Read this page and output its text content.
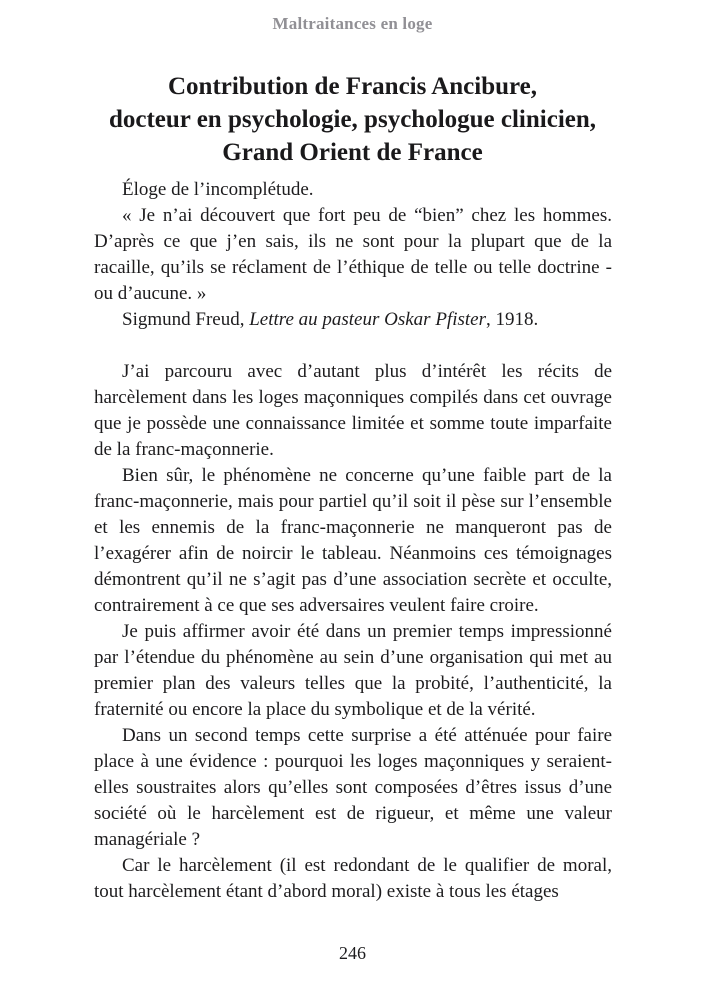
Maltraitances en loge
Contribution de Francis Ancibure,
docteur en psychologie, psychologue clinicien,
Grand Orient de France

Éloge de l’incomplétude.

« Je n’ai découvert que fort peu de “bien” chez les hommes. D’après ce que j’en sais, ils ne sont pour la plupart que de la racaille, qu’ils se réclament de l’éthique de telle ou telle doctrine - ou d’aucune. »

Sigmund Freud, Lettre au pasteur Oskar Pfister, 1918.

J’ai parcouru avec d’autant plus d’intérêt les récits de harcèlement dans les loges maçonniques compilés dans cet ouvrage que je possède une connaissance limitée et somme toute imparfaite de la franc-maçonnerie.

Bien sûr, le phénomène ne concerne qu’une faible part de la franc-maçonnerie, mais pour partiel qu’il soit il pèse sur l’ensemble et les ennemis de la franc-maçonnerie ne manqueront pas de l’exagérer afin de noircir le tableau. Néanmoins ces témoignages démontrent qu’il ne s’agit pas d’une association secrète et occulte, contrairement à ce que ses adversaires veulent faire croire.

Je puis affirmer avoir été dans un premier temps impressionné par l’étendue du phénomène au sein d’une organisation qui met au premier plan des valeurs telles que la probité, l’authenticité, la fraternité ou encore la place du symbolique et de la vérité.

Dans un second temps cette surprise a été atténuée pour faire place à une évidence : pourquoi les loges maçonniques y seraient-elles soustraites alors qu’elles sont composées d’êtres issus d’une société où le harcèlement est de rigueur, et même une valeur managériale ?

Car le harcèlement (il est redondant de le qualifier de moral, tout harcèlement étant d’abord moral) existe à tous les étages

246
